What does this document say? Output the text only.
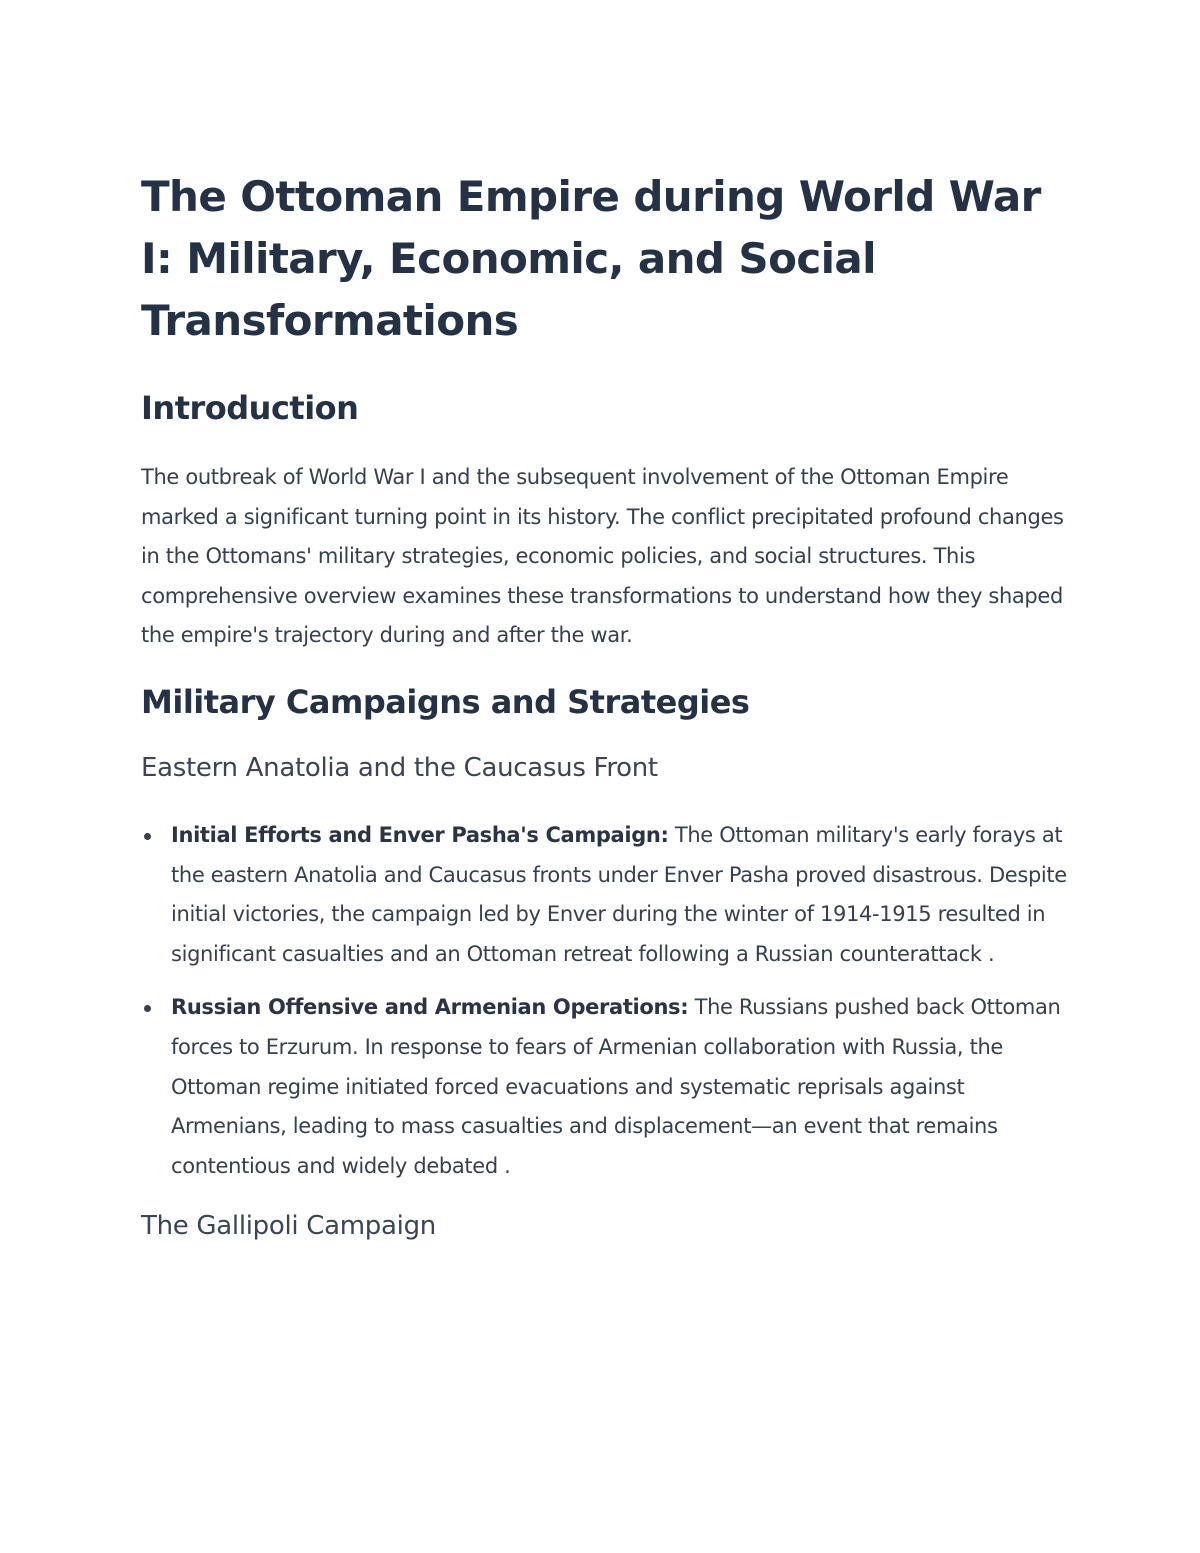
The Ottoman Empire during World War I: Military, Economic, and Social Transformations
Introduction

The outbreak of World War I and the subsequent involvement of the Ottoman Empire marked a significant turning point in its history. The conflict precipitated profound changes in the Ottomans' military strategies, economic policies, and social structures. This comprehensive overview examines these transformations to understand how they shaped the empire's trajectory during and after the war.

Military Campaigns and Strategies
Eastern Anatolia and the Caucasus Front
Initial Efforts and Enver Pasha's Campaign: The Ottoman military's early forays at the eastern Anatolia and Caucasus fronts under Enver Pasha proved disastrous. Despite initial victories, the campaign led by Enver during the winter of 1914-1915 resulted in significant casualties and an Ottoman retreat following a Russian counterattack .
Russian Offensive and Armenian Operations: The Russians pushed back Ottoman forces to Erzurum. In response to fears of Armenian collaboration with Russia, the Ottoman regime initiated forced evacuations and systematic reprisals against Armenians, leading to mass casualties and displacement—an event that remains contentious and widely debated .
The Gallipoli Campaign
